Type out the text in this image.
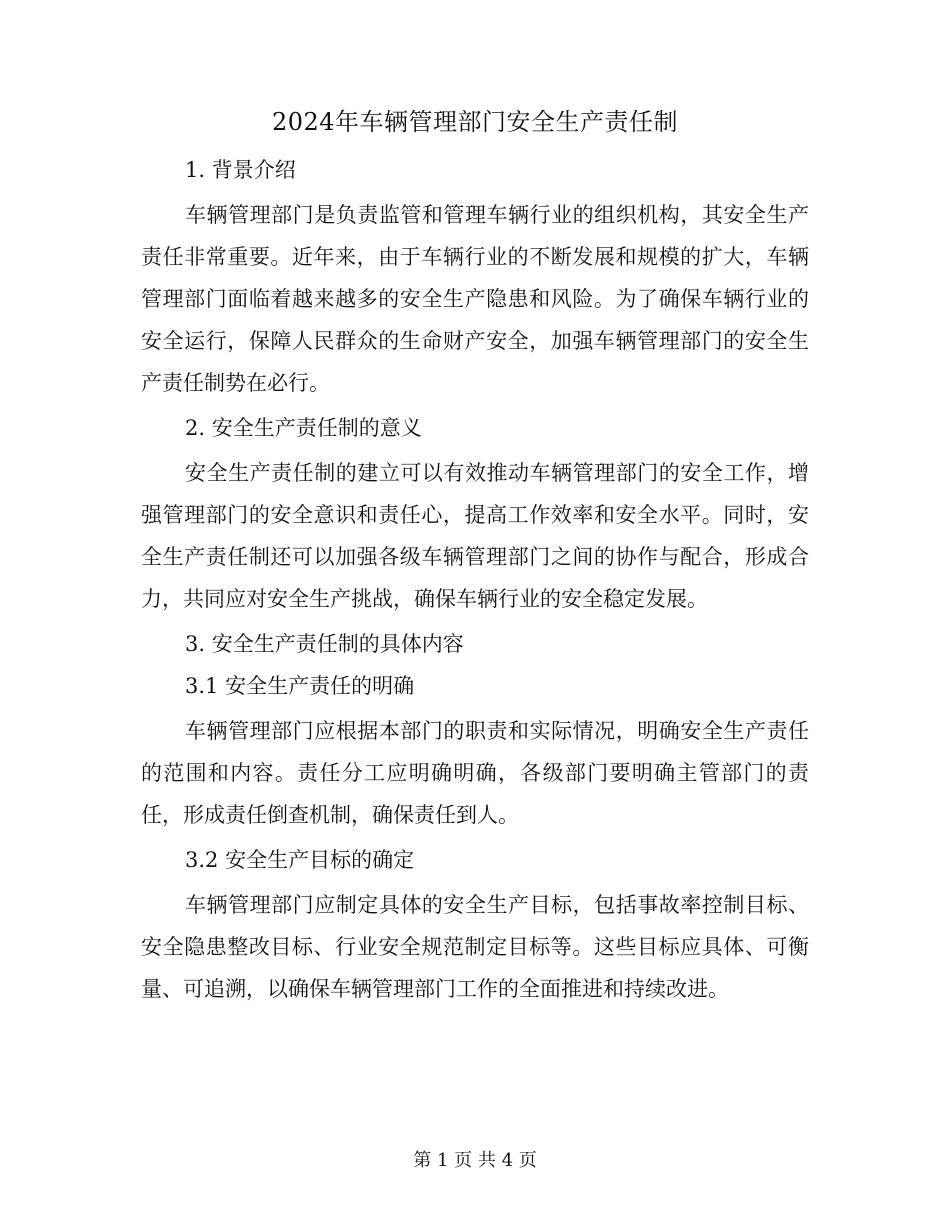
2024年车辆管理部门安全生产责任制
1. 背景介绍
车辆管理部门是负责监管和管理车辆行业的组织机构，其安全生产责任非常重要。近年来，由于车辆行业的不断发展和规模的扩大，车辆管理部门面临着越来越多的安全生产隐患和风险。为了确保车辆行业的安全运行，保障人民群众的生命财产安全，加强车辆管理部门的安全生产责任制势在必行。
2. 安全生产责任制的意义
安全生产责任制的建立可以有效推动车辆管理部门的安全工作，增强管理部门的安全意识和责任心，提高工作效率和安全水平。同时，安全生产责任制还可以加强各级车辆管理部门之间的协作与配合，形成合力，共同应对安全生产挑战，确保车辆行业的安全稳定发展。
3. 安全生产责任制的具体内容
3.1 安全生产责任的明确
车辆管理部门应根据本部门的职责和实际情况，明确安全生产责任的范围和内容。责任分工应明确明确，各级部门要明确主管部门的责任，形成责任倒查机制，确保责任到人。
3.2 安全生产目标的确定
车辆管理部门应制定具体的安全生产目标，包括事故率控制目标、安全隐患整改目标、行业安全规范制定目标等。这些目标应具体、可衡量、可追溯，以确保车辆管理部门工作的全面推进和持续改进。
第 1 页 共 4 页
